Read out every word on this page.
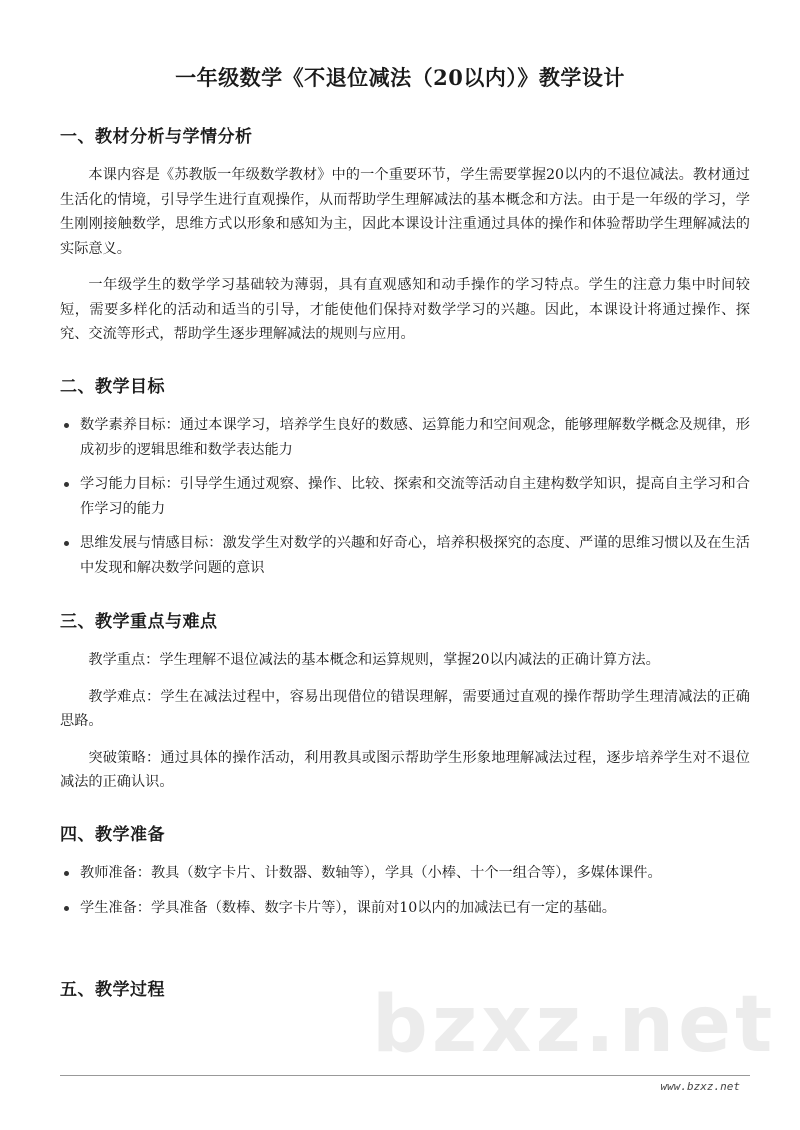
一年级数学《不退位减法（20以内）》教学设计
一、教材分析与学情分析

本课内容是《苏教版一年级数学教材》中的一个重要环节，学生需要掌握20以内的不退位减法。教材通过生活化的情境，引导学生进行直观操作，从而帮助学生理解减法的基本概念和方法。由于是一年级的学习，学生刚刚接触数学，思维方式以形象和感知为主，因此本课设计注重通过具体的操作和体验帮助学生理解减法的实际意义。

一年级学生的数学学习基础较为薄弱，具有直观感知和动手操作的学习特点。学生的注意力集中时间较短，需要多样化的活动和适当的引导，才能使他们保持对数学学习的兴趣。因此，本课设计将通过操作、探究、交流等形式，帮助学生逐步理解减法的规则与应用。

二、教学目标
数学素养目标：通过本课学习，培养学生良好的数感、运算能力和空间观念，能够理解数学概念及规律，形成初步的逻辑思维和数学表达能力
学习能力目标：引导学生通过观察、操作、比较、探索和交流等活动自主建构数学知识，提高自主学习和合作学习的能力
思维发展与情感目标：激发学生对数学的兴趣和好奇心，培养积极探究的态度、严谨的思维习惯以及在生活中发现和解决数学问题的意识
三、教学重点与难点

教学重点：学生理解不退位减法的基本概念和运算规则，掌握20以内减法的正确计算方法。

教学难点：学生在减法过程中，容易出现借位的错误理解，需要通过直观的操作帮助学生理清减法的正确思路。

突破策略：通过具体的操作活动，利用教具或图示帮助学生形象地理解减法过程，逐步培养学生对不退位减法的正确认识。

四、教学准备
教师准备：教具（数字卡片、计数器、数轴等），学具（小棒、十个一组合等），多媒体课件。
学生准备：学具准备（数棒、数字卡片等），课前对10以内的加减法已有一定的基础。
五、教学过程	bzxz.net
www.bzxz.net
